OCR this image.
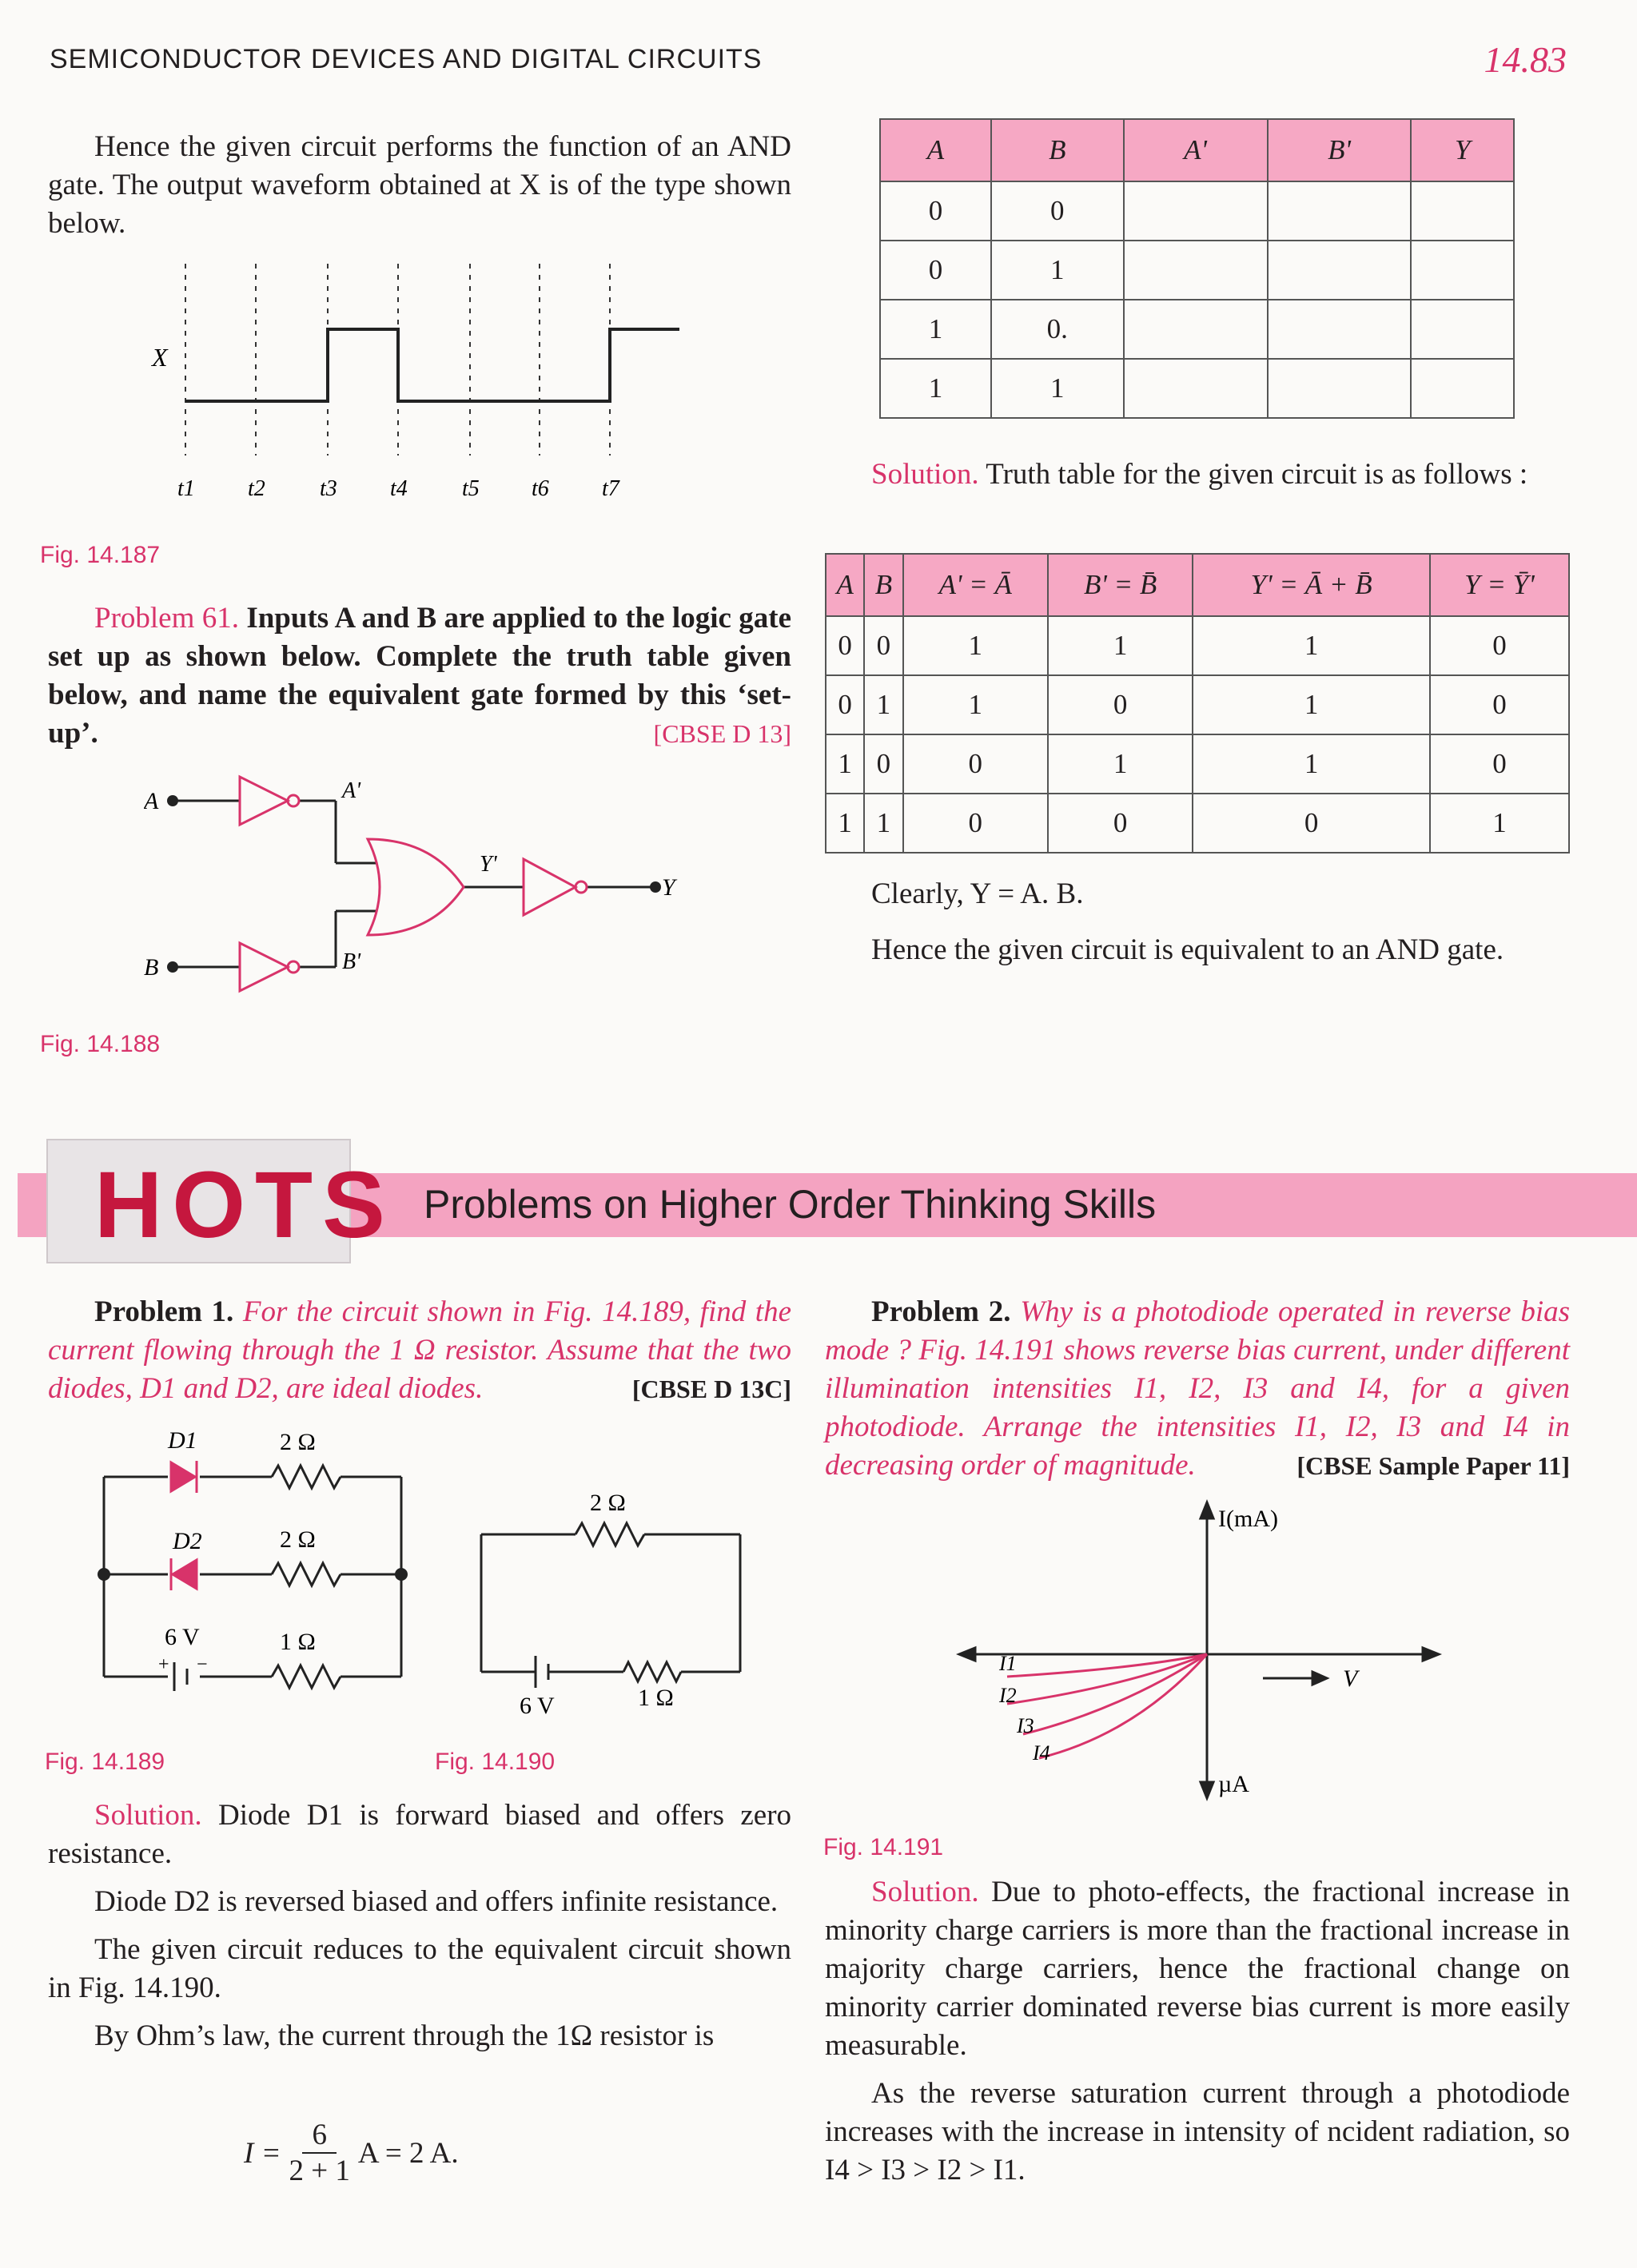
SEMICONDUCTOR DEVICES AND DIGITAL CIRCUITS	14.83

Hence the given circuit performs the function of an AND gate. The output waveform obtained at X is of the type shown below.

X
t1 t2 t3 t4 t5 t6 t7
Fig. 14.187

Problem 61. Inputs A and B are applied to the logic gate set up as shown below. Complete the truth table given below, and name the equivalent gate formed by this ‘set-up’.	[CBSE D 13]
A
B
A'
B'
Y'
Y
Fig. 14.188
A	B	A'	B'	Y
0	0			
0	1			
1	0.			
1	1			

Solution. Truth table for the given circuit is as follows :

A	B	A' = Ā	B' = B̄	Y' = Ā + B̄	Y = Ȳ'
0	0	1	1	1	0
0	1	1	0	1	0
1	0	0	1	1	0
1	1	0	0	0	1
Clearly, Y = A. B.

Hence the given circuit is equivalent to an AND gate.

HOTS Problems on Higher Order Thinking Skills

Problem 1. For the circuit shown in Fig. 14.189, find the current flowing through the 1 Ω resistor. Assume that the two diodes, D1 and D2, are ideal diodes.	[CBSE D 13C]
D1	2 Ω
D2	2 Ω
6 V
+ −
1 Ω
2 Ω
6 V	1 Ω
Fig. 14.189	Fig. 14.190

Solution. Diode D1 is forward biased and offers zero resistance.

Diode D2 is reversed biased and offers infinite resistance.

The given circuit reduces to the equivalent circuit shown in Fig. 14.190.

By Ohm’s law, the current through the 1Ω resistor is

$I = \frac{6}{2 + 1}$ A = 2 A.

Problem 2. Why is a photodiode operated in reverse bias mode ? Fig. 14.191 shows reverse bias current, under different illumination intensities I1, I2, I3 and I4, for a given photodiode. Arrange the intensities I1, I2, I3 and I4 in decreasing order of magnitude.	[CBSE Sample Paper 11]
I(mA)
µA
V
I1
I2
I3
I4
Fig. 14.191

Solution. Due to photo-effects, the fractional increase in minority charge carriers is more than the fractional increase in majority charge carriers, hence the fractional change on minority carrier dominated reverse bias current is more easily measurable.

As the reverse saturation current through a photodiode increases with the increase in intensity of ncident radiation, so I4 > I3 > I2 > I1.
